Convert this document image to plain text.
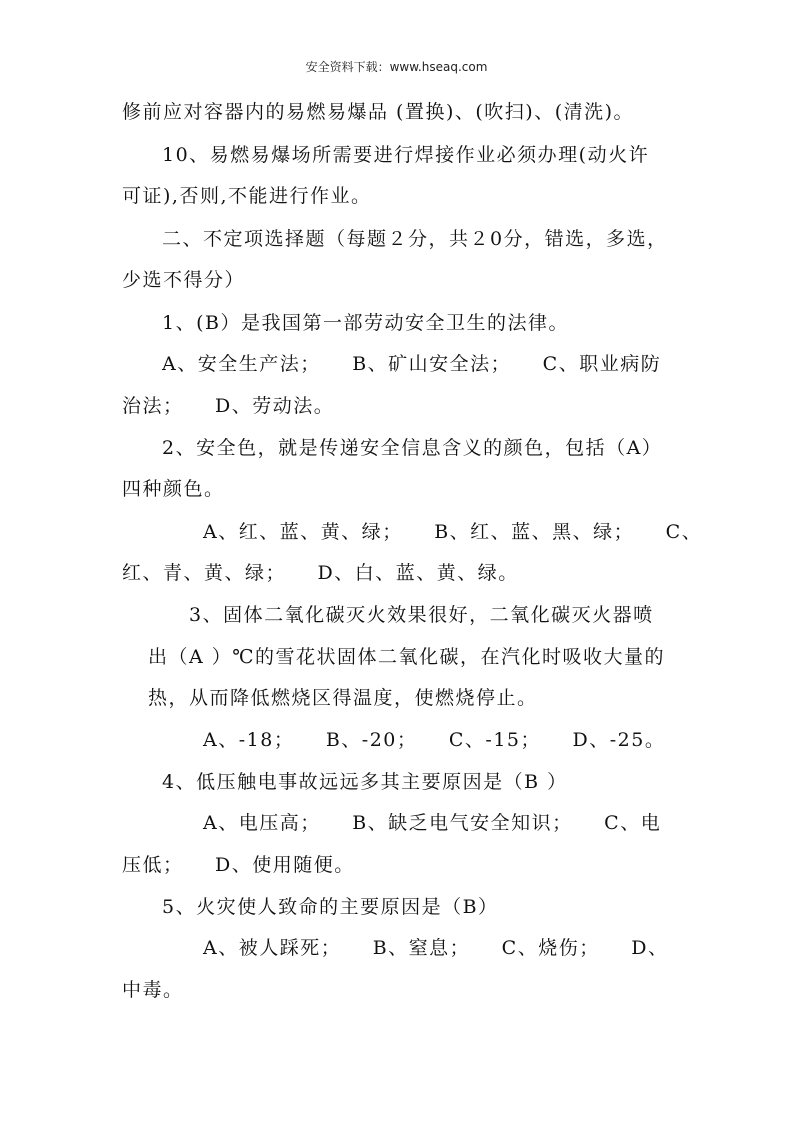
安全资料下载：www.hseaq.com
修前应对容器内的易燃易爆品 (置换)、(吹扫)、(清洗)。
10、易燃易爆场所需要进行焊接作业必须办理(动火许
可证),否则,不能进行作业。
二、不定项选择题（每题２分，共２0分，错选，多选，
少选不得分）
1、(B）是我国第一部劳动安全卫生的法律。
A、安全生产法；　　B、矿山安全法；　　C、职业病防
治法；　　D、劳动法。
2、安全色，就是传递安全信息含义的颜色，包括（A）
四种颜色。
A、红、蓝、黄、绿；　　B、红、蓝、黑、绿；　　C、
红、青、黄、绿；　　D、白、蓝、黄、绿。
3、固体二氧化碳灭火效果很好，二氧化碳灭火器喷
出（A ）℃的雪花状固体二氧化碳，在汽化时吸收大量的
热，从而降低燃烧区得温度，使燃烧停止。
A、-18；　　B、-20；　　C、-15；　　D、-25。
4、低压触电事故远远多其主要原因是（B ）
A、电压高；　　B、缺乏电气安全知识；　　C、电
压低；　　D、使用随便。
5、火灾使人致命的主要原因是（B）
A、被人踩死；　　B、窒息；　　C、烧伤；　　D、
中毒。
